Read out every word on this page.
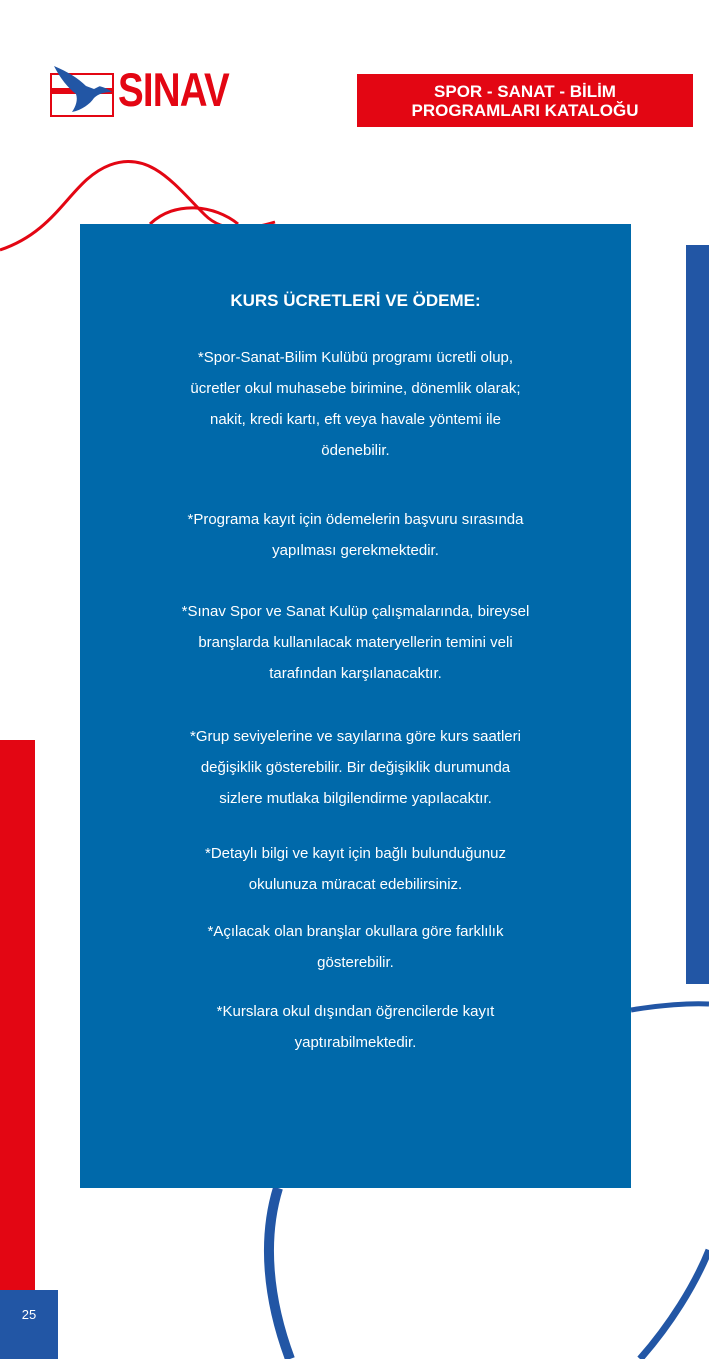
SINAV	SPOR - SANAT - BİLİM
PROGRAMLARI KATALOĞU
KURS ÜCRETLERİ VE ÖDEME:
*Spor-Sanat-Bilim Kulübü programı ücretli olup,
ücretler okul muhasebe birimine, dönemlik olarak;
nakit, kredi kartı, eft veya havale yöntemi ile
ödenebilir.
*Programa kayıt için ödemelerin başvuru sırasında
yapılması gerekmektedir.
*Sınav Spor ve Sanat Kulüp çalışmalarında, bireysel
branşlarda kullanılacak materyellerin temini veli
tarafından karşılanacaktır.
*Grup seviyelerine ve sayılarına göre kurs saatleri
değişiklik gösterebilir. Bir değişiklik durumunda
sizlere mutlaka bilgilendirme yapılacaktır.
*Detaylı bilgi ve kayıt için bağlı bulunduğunuz
okulunuza müracat edebilirsiniz.
*Açılacak olan branşlar okullara göre farklılık
gösterebilir.
*Kurslara okul dışından öğrencilerde kayıt
yaptırabilmektedir.
25
